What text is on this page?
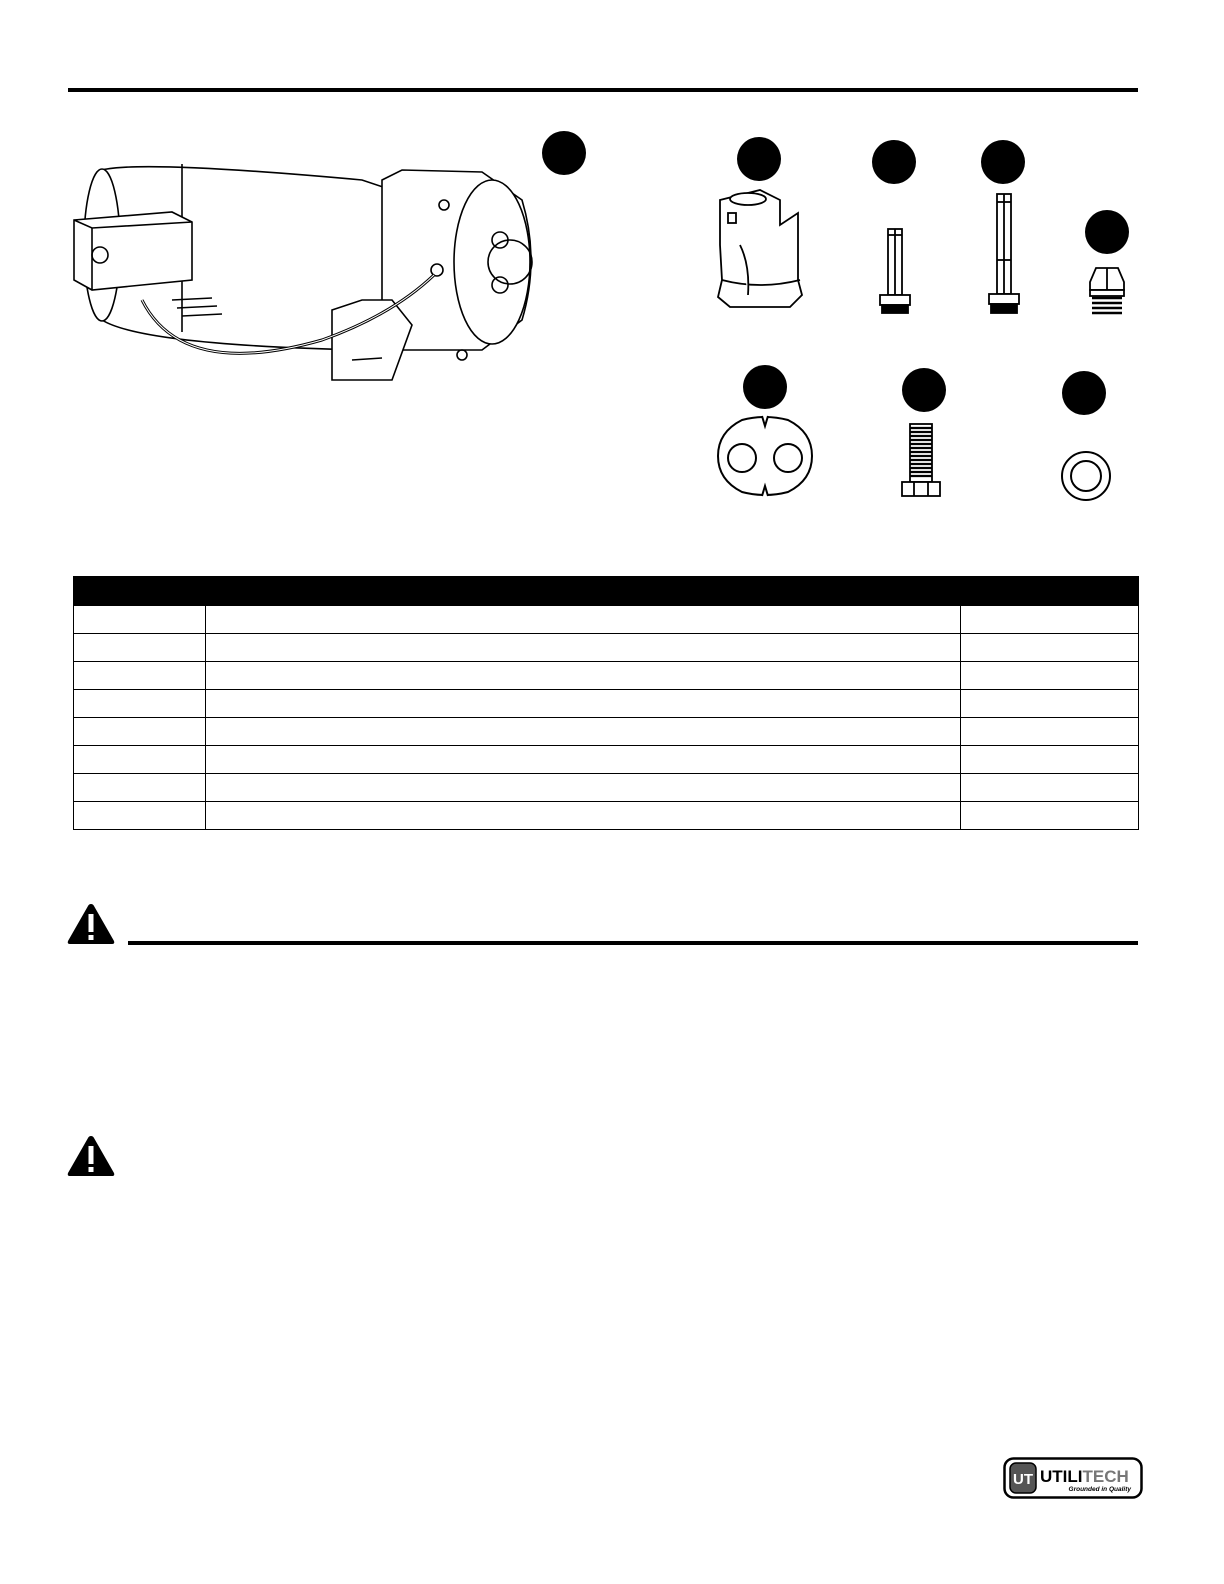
UT UTILITECH
Grounded in Quality
